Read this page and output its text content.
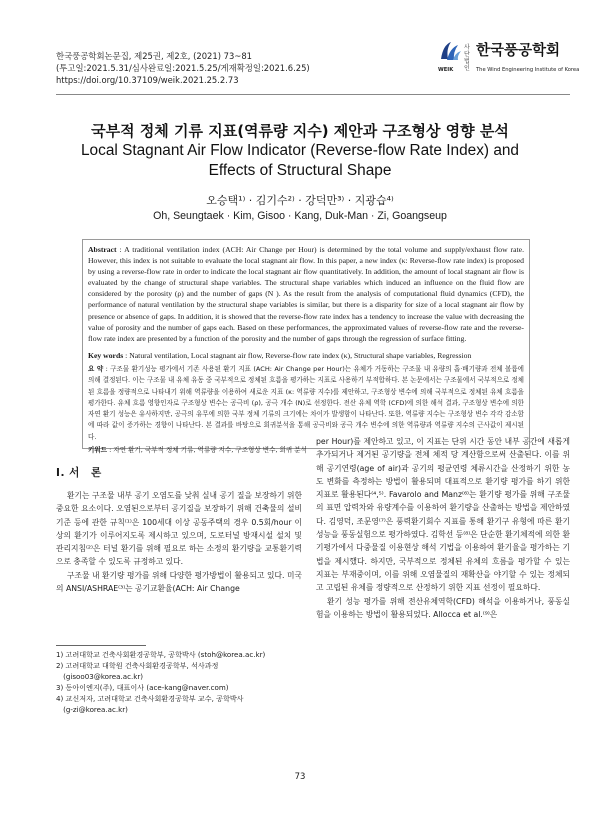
한국풍공학회논문집, 제25권, 제2호, (2021) 73~81
(투고일:2021.5.31/심사완료일:2021.5.25/게재확정일:2021.6.25)
https://doi.org/10.37109/weik.2021.25.2.73
사단 법인
한국풍공학회
WEIK	The Wind Engineering Institute of Korea
국부적 정체 기류 지표(역류량 지수) 제안과 구조형상 영향 분석
Local Stagnant Air Flow Indicator (Reverse-flow Rate Index) and
Effects of Structural Shape
오승택¹⁾ · 김기수²⁾ · 강덕만³⁾ · 지광습⁴⁾
Oh, Seungtaek · Kim, Gisoo · Kang, Duk-Man · Zi, Goangseup

Abstract : A traditional ventilation index (ACH: Air Change per Hour) is determined by the total volume and supply/exhaust flow rate. However, this index is not suitable to evaluate the local stagnant air flow. In this paper, a new index (κ: Reverse-flow rate index) is proposed by using a reverse-flow rate in order to indicate the local stagnant air flow quantitatively. In addition, the amount of local stagnant air flow is evaluated by the change of structural shape variables. The structural shape variables which induced an influence on the fluid flow are considered by the porosity (ρ) and the number of gaps (N ). As the result from the analysis of computational fluid dynamics (CFD), the performance of natural ventilation by the structural shape variables is similar, but there is a disparity for size of a local stagnant air flow by presence or absence of gaps. In addition, it is showed that the reverse-flow rate index has a tendency to increase the value with decreasing the value of porosity and the number of gaps each. Based on these performances, the approximated values of reverse-flow rate and the reverse-flow rate index are presented by a function of the porosity and the number of gaps through the regression of surface fitting.

Key words : Natural ventilation, Local stagnant air flow, Reverse-flow rate index (κ), Structural shape variables, Regression

요 약 : 구조물 환기성능 평가에서 기존 사용된 환기 지표 (ACH: Air Change per Hour)는 유체가 거동하는 구조물 내 유량의 흡·배기량과 전체 볼륨에 의해 결정된다. 이는 구조물 내 유체 유동 중 국부적으로 정체된 흐름을 평가하는 지표로 사용하기 부적합하다. 본 논문에서는 구조물에서 국부적으로 정체된 흐름을 정량적으로 나타내기 위해 역류량을 이용하여 새로운 지표 (κ: 역류량 지수)를 제안하고, 구조형상 변수에 의해 국부적으로 정체된 유체 흐름을 평가한다. 유체 흐름 영향인자로 구조형상 변수는 공극비 (ρ), 공극 개수 (N)로 선정한다. 전산 유체 역학 (CFD)에 의한 해석 결과, 구조형상 변수에 의한 자연 환기 성능은 유사하지만, 공극의 유무에 의한 국부 정체 기류의 크기에는 차이가 발생함이 나타난다. 또한, 역류량 지수는 구조형상 변수 각각 감소함에 따라 값이 증가하는 경향이 나타난다. 본 결과를 바탕으로 회귀분석을 통해 공극비와 공극 개수 변수에 의한 역류량과 역류량 지수의 근사값이 제시된다.

키워드 : 자연 환기, 국부적 정체 기류, 역류량 지수, 구조형상 변수, 회귀 분석

I. 서　론

환기는 구조물 내부 공기 오염도를 낮춰 실내 공기 질을 보장하기 위한 중요한 요소이다. 오염된으로부터 공기질을 보장하기 위해 건축물의 설비기준 등에 관한 규칙⁽¹⁾은 100세대 이상 공동주택의 경우 0.5회/hour 이상의 환기가 이루어지도록 제시하고 있으며, 도로터널 방재시설 설치 및 관리지침⁽²⁾은 터널 환기를 위해 필요로 하는 소정의 환기량을 교통환기력으로 충족할 수 있도록 규정하고 있다.

구조물 내 환기량 평가를 위해 다양한 평가방법이 활용되고 있다. 미국의 ANSI/ASHRAE⁽³⁾는 공기교환율(ACH: Air Change

per Hour)를 제안하고 있고, 이 지표는 단위 시간 동안 내부 공간에 새롭게 추가되거나 제거된 공기량을 전체 체적 당 계산함으로써 산출된다. 이를 위해 공기연령(age of air)과 공기의 평균연령 체류시간을 산정하기 위한 농도 변화를 측정하는 방법이 활용되며 대표적으로 환기량 평가를 하기 위한 지표로 활용된다⁽⁴,⁵⁾. Favarolo and Manz⁽⁶⁾는 환기량 평가를 위해 구조물의 표면 압력차와 유량계수를 이용하여 환기량을 산출하는 방법을 제안하였다. 김영덕, 조문영⁽⁷⁾은 풍력환기회수 지표를 통해 환기구 유형에 따른 환기 성능을 풍동실험으로 평가하였다. 김학선 등⁽⁸⁾은 단순한 환기체적에 의한 환기평가에서 다중물질 이용현상 해석 기법을 이용하여 환기율을 평가하는 기법을 제시했다. 하지만, 국부적으로 정체된 유체의 흐름을 평가할 수 있는 지표는 부재중이며, 이를 위해 오염물질의 재확산을 야기할 수 있는 정체되고 고립된 유체를 정량적으로 산정하기 위한 지표 선정이 필요하다.

환기 성능 평가를 위해 전산유체역학(CFD) 해석을 이용하거나, 풍동실험을 이용하는 방법이 활용되었다. Allocca et al.⁽⁹⁾은

1) 고려대학교 건축사회환경공학부, 공학박사 (stoh@korea.ac.kr)
2) 고려대학교 대학원 건축사회환경공학부, 석사과정
　(gisoo03@korea.ac.kr)
3) 동아이엔지(주), 대표이사 (ace-kang@naver.com)
4) 교신저자, 고려대학교 건축사회환경공학부 교수, 공학박사
　(g-zi@korea.ac.kr)
73
